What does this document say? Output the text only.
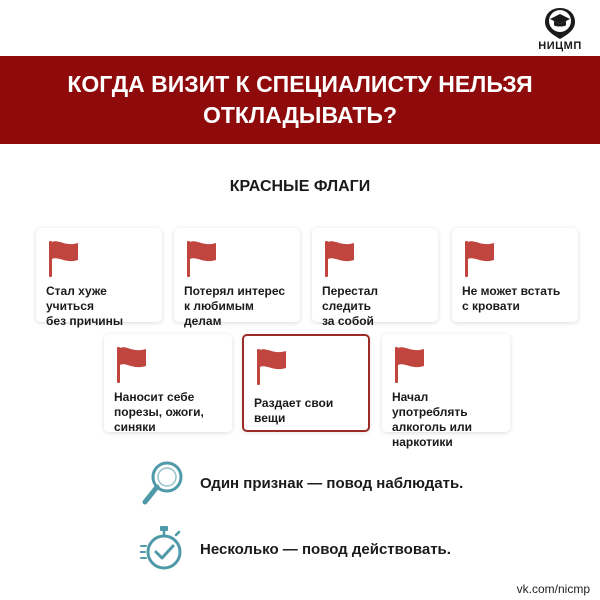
НИЦМП
КОГДА ВИЗИТ К СПЕЦИАЛИСТУ НЕЛЬЗЯ ОТКЛАДЫВАТЬ?
КРАСНЫЕ ФЛАГИ
Стал хуже учиться
без причины
Потерял интерес
к любимым делам
Перестал следить
за собой
Не может встать
с кровати
Наносит себе
порезы, ожоги,
синяки
Раздает свои вещи
Начал употреблять
алкоголь или
наркотики
Один признак — повод наблюдать.
Несколько — повод действовать.
vk.com/nicmp
